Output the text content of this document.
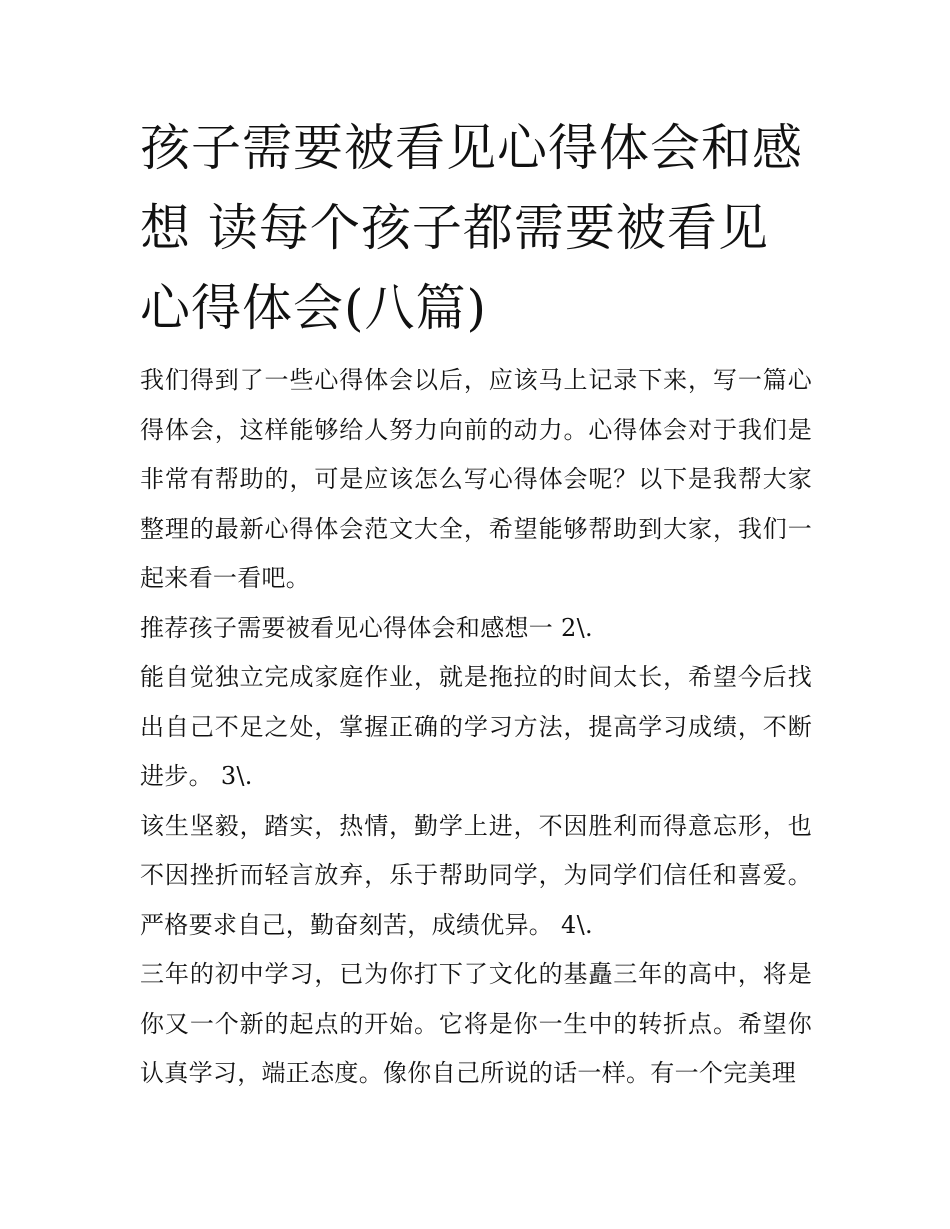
孩子需要被看见心得体会和感想 读每个孩子都需要被看见心得体会(八篇)

我们得到了一些心得体会以后，应该马上记录下来，写一篇心得体会，这样能够给人努力向前的动力。心得体会对于我们是非常有帮助的，可是应该怎么写心得体会呢？以下是我帮大家整理的最新心得体会范文大全，希望能够帮助到大家，我们一起来看一看吧。

推荐孩子需要被看见心得体会和感想一 2\.

能自觉独立完成家庭作业，就是拖拉的时间太长，希望今后找出自己不足之处，掌握正确的学习方法，提高学习成绩，不断进步。 3\.

该生坚毅，踏实，热情，勤学上进，不因胜利而得意忘形，也不因挫折而轻言放弃，乐于帮助同学，为同学们信任和喜爱。严格要求自己，勤奋刻苦，成绩优异。 4\.

三年的初中学习，已为你打下了文化的基矗三年的高中，将是你又一个新的起点的开始。它将是你一生中的转折点。希望你认真学习，端正态度。像你自己所说的话一样。有一个完美理
